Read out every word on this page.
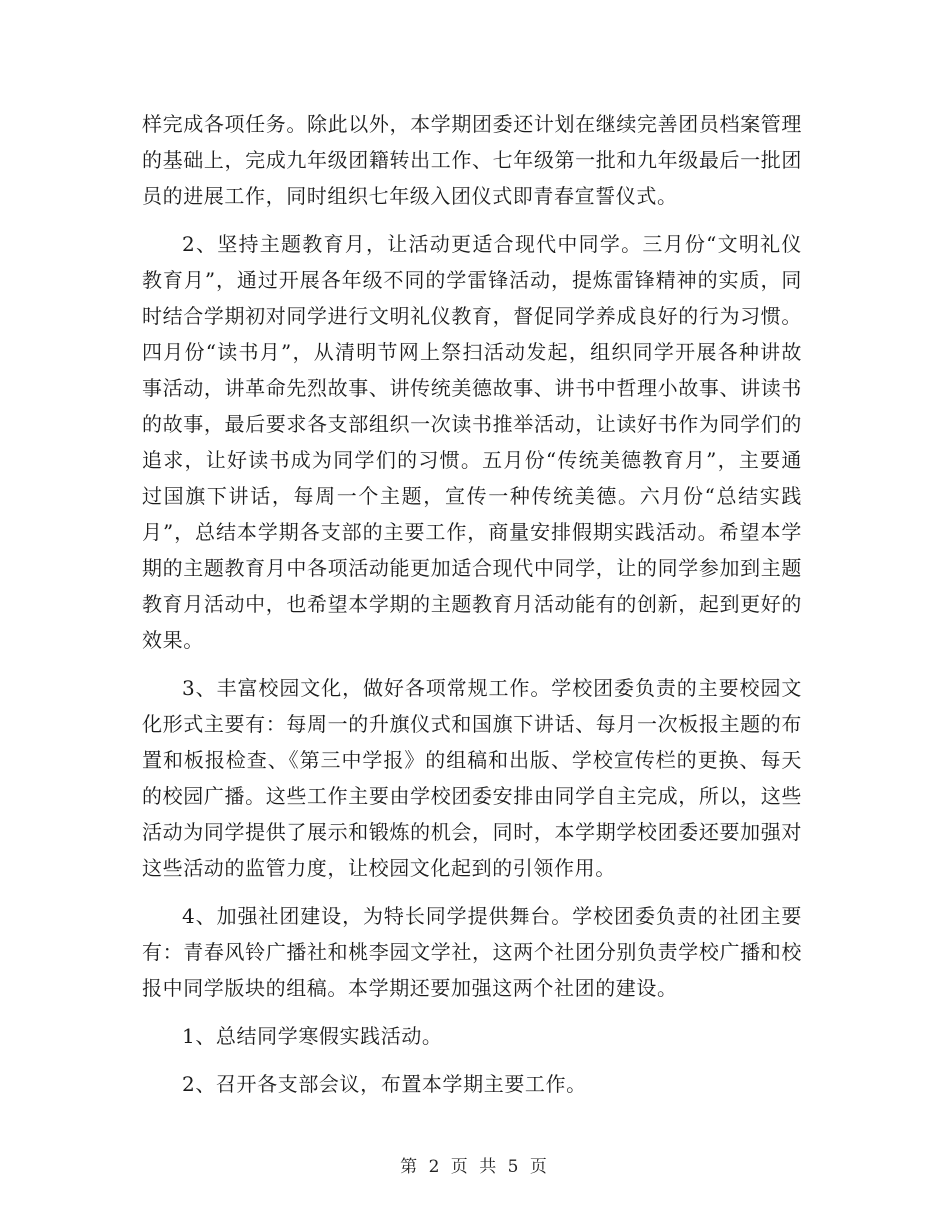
样完成各项任务。除此以外，本学期团委还计划在继续完善团员档案管理的基础上，完成九年级团籍转出工作、七年级第一批和九年级最后一批团员的进展工作，同时组织七年级入团仪式即青春宣誓仪式。

2、坚持主题教育月，让活动更适合现代中同学。三月份“文明礼仪教育月”，通过开展各年级不同的学雷锋活动，提炼雷锋精神的实质，同时结合学期初对同学进行文明礼仪教育，督促同学养成良好的行为习惯。四月份“读书月”，从清明节网上祭扫活动发起，组织同学开展各种讲故事活动，讲革命先烈故事、讲传统美德故事、讲书中哲理小故事、讲读书的故事，最后要求各支部组织一次读书推举活动，让读好书作为同学们的追求，让好读书成为同学们的习惯。五月份“传统美德教育月”，主要通过国旗下讲话，每周一个主题，宣传一种传统美德。六月份“总结实践月”，总结本学期各支部的主要工作，商量安排假期实践活动。希望本学期的主题教育月中各项活动能更加适合现代中同学，让的同学参加到主题教育月活动中，也希望本学期的主题教育月活动能有的创新，起到更好的效果。

3、丰富校园文化，做好各项常规工作。学校团委负责的主要校园文化形式主要有：每周一的升旗仪式和国旗下讲话、每月一次板报主题的布置和板报检查、《第三中学报》的组稿和出版、学校宣传栏的更换、每天的校园广播。这些工作主要由学校团委安排由同学自主完成，所以，这些活动为同学提供了展示和锻炼的机会，同时，本学期学校团委还要加强对这些活动的监管力度，让校园文化起到的引领作用。

4、加强社团建设，为特长同学提供舞台。学校团委负责的社团主要有：青春风铃广播社和桃李园文学社，这两个社团分别负责学校广播和校报中同学版块的组稿。本学期还要加强这两个社团的建设。

1、总结同学寒假实践活动。

2、召开各支部会议，布置本学期主要工作。

第 2 页 共 5 页
